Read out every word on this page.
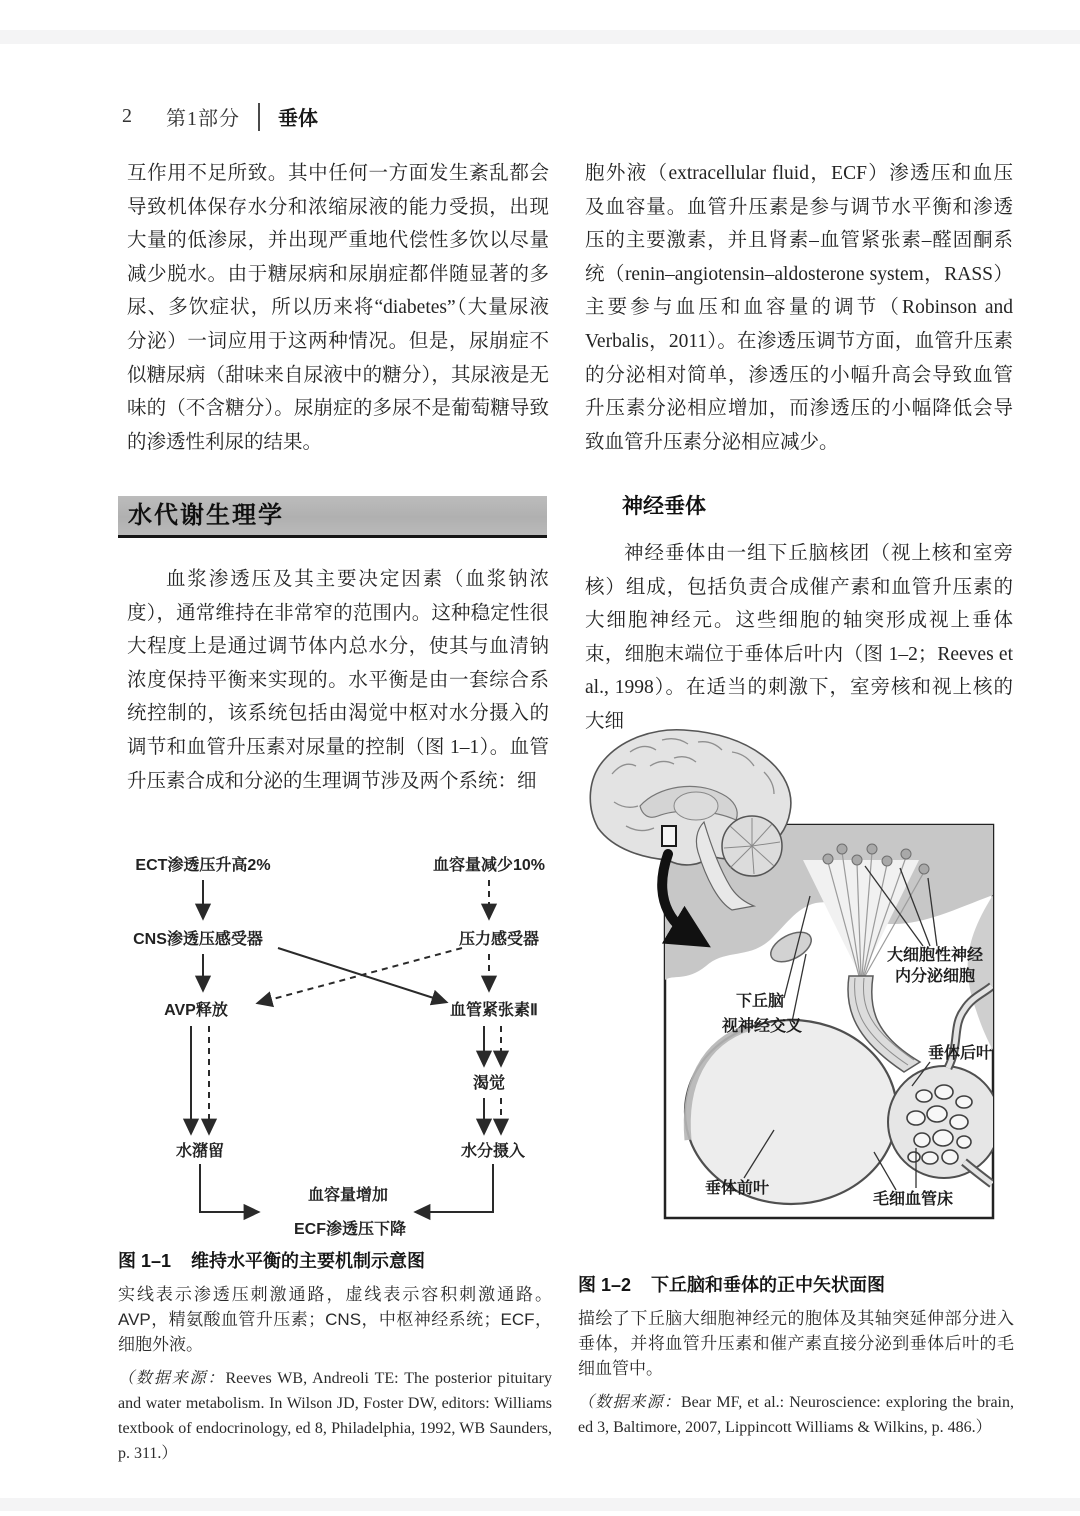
2	第1部分 垂体
互作用不足所致。其中任何一方面发生紊乱都会导致机体保存水分和浓缩尿液的能力受损，出现大量的低渗尿，并出现严重地代偿性多饮以尽量减少脱水。由于糖尿病和尿崩症都伴随显著的多尿、多饮症状，所以历来将“diabetes”（大量尿液分泌）一词应用于这两种情况。但是，尿崩症不似糖尿病（甜味来自尿液中的糖分），其尿液是无味的（不含糖分）。尿崩症的多尿不是葡萄糖导致的渗透性利尿的结果。
水代谢生理学
血浆渗透压及其主要决定因素（血浆钠浓度），通常维持在非常窄的范围内。这种稳定性很大程度上是通过调节体内总水分，使其与血清钠浓度保持平衡来实现的。水平衡是由一套综合系统控制的，该系统包括由渴觉中枢对水分摄入的调节和血管升压素对尿量的控制（图 1–1）。血管升压素合成和分泌的生理调节涉及两个系统：细
ECT渗透压升高2%	血容量减少10%
CNS渗透压感受器	压力感受器
AVP释放	血管紧张素Ⅱ
渴觉
水潴留	水分摄入
血容量增加
ECF渗透压下降
图 1–1 维持水平衡的主要机制示意图
实线表示渗透压刺激通路，虚线表示容积刺激通路。AVP，精氨酸血管升压素；CNS，中枢神经系统；ECF，细胞外液。
（数据来源：Reeves WB, Andreoli TE: The posterior pituitary and water metabolism. In Wilson JD, Foster DW, editors: Williams textbook of endocrinology, ed 8, Philadelphia, 1992, WB Saunders, p. 311.）
胞外液（extracellular fluid，ECF）渗透压和血压及血容量。血管升压素是参与调节水平衡和渗透压的主要激素，并且肾素–血管紧张素–醛固酮系统（renin–angiotensin–aldosterone system，RASS）主要参与血压和血容量的调节（Robinson and Verbalis，2011）。在渗透压调节方面，血管升压素的分泌相对简单，渗透压的小幅升高会导致血管升压素分泌相应增加，而渗透压的小幅降低会导致血管升压素分泌相应减少。
神经垂体
神经垂体由一组下丘脑核团（视上核和室旁核）组成，包括负责合成催产素和血管升压素的大细胞神经元。这些细胞的轴突形成视上垂体束，细胞末端位于垂体后叶内（图 1–2；Reeves et al., 1998）。在适当的刺激下，室旁核和视上核的大细
大细胞性神经
内分泌细胞
下丘脑
视神经交叉
垂体后叶
垂体前叶
毛细血管床
图 1–2 下丘脑和垂体的正中矢状面图
描绘了下丘脑大细胞神经元的胞体及其轴突延伸部分进入垂体，并将血管升压素和催产素直接分泌到垂体后叶的毛细血管中。
（数据来源：Bear MF, et al.: Neuroscience: exploring the brain, ed 3, Baltimore, 2007, Lippincott Williams & Wilkins, p. 486.）
